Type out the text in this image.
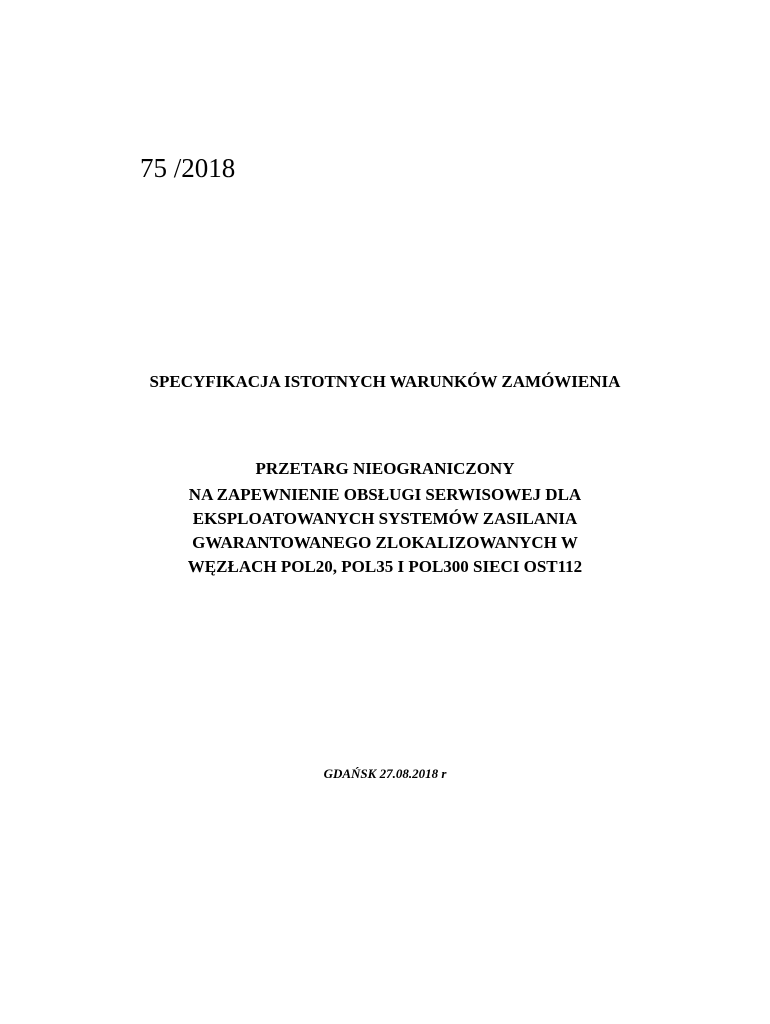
75 /2018
SPECYFIKACJA ISTOTNYCH WARUNKÓW ZAMÓWIENIA
PRZETARG NIEOGRANICZONY
NA ZAPEWNIENIE OBSŁUGI SERWISOWEJ DLA
EKSPLOATOWANYCH SYSTEMÓW ZASILANIA
GWARANTOWANEGO ZLOKALIZOWANYCH W
WĘZŁACH POL20, POL35 I POL300 SIECI OST112
GDAŃSK 27.08.2018 r
